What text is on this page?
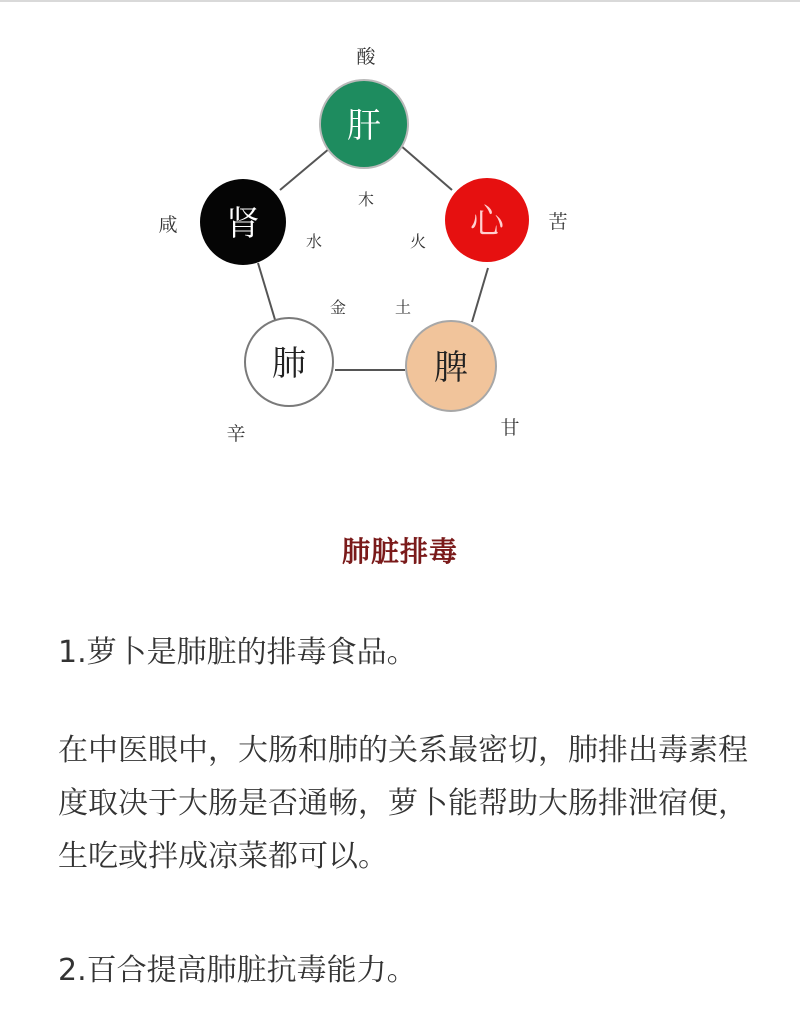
肝
心
脾
肺
肾
酸
苦
甘
辛
咸
木
火
土
金
水
肺脏排毒

1.萝卜是肺脏的排毒食品。

在中医眼中，大肠和肺的关系最密切，肺排出毒素程度取决于大肠是否通畅，萝卜能帮助大肠排泄宿便，生吃或拌成凉菜都可以。

2.百合提高肺脏抗毒能力。
